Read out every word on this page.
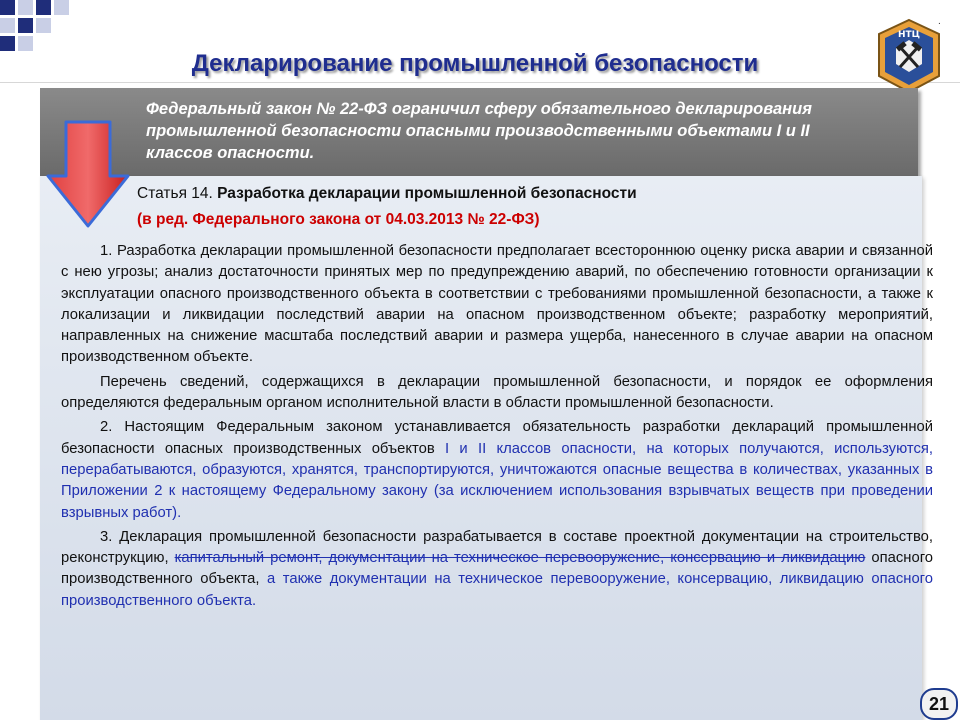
.
Декларирование промышленной безопасности
НТЦ
Федеральный закон № 22-ФЗ ограничил сферу обязательного декларирования промышленной безопасности опасными производственными объектами I и II классов опасности.
Статья 14. Разработка декларации промышленной безопасности
(в ред. Федерального закона от 04.03.2013 № 22-ФЗ)

1. Разработка декларации промышленной безопасности предполагает всестороннюю оценку риска аварии и связанной с нею угрозы; анализ достаточности принятых мер по предупреждению аварий, по обеспечению готовности организации к эксплуатации опасного производственного объекта в соответствии с требованиями промышленной безопасности, а также к локализации и ликвидации последствий аварии на опасном производственном объекте; разработку мероприятий, направленных на снижение масштаба последствий аварии и размера ущерба, нанесенного в случае аварии на опасном производственном объекте.

Перечень сведений, содержащихся в декларации промышленной безопасности, и порядок ее оформления определяются федеральным органом исполнительной власти в области промышленной безопасности.

2. Настоящим Федеральным законом устанавливается обязательность разработки деклараций промышленной безопасности опасных производственных объектов I и II классов опасности, на которых получаются, используются, перерабатываются, образуются, хранятся, транспортируются, уничтожаются опасные вещества в количествах, указанных в Приложении 2 к настоящему Федеральному закону (за исключением использования взрывчатых веществ при проведении взрывных работ).

3. Декларация промышленной безопасности разрабатывается в составе проектной документации на строительство, реконструкцию, капитальный ремонт, документации на техническое перевооружение, консервацию и ликвидацию опасного производственного объекта, а также документации на техническое перевооружение, консервацию, ликвидацию опасного производственного объекта.

21
